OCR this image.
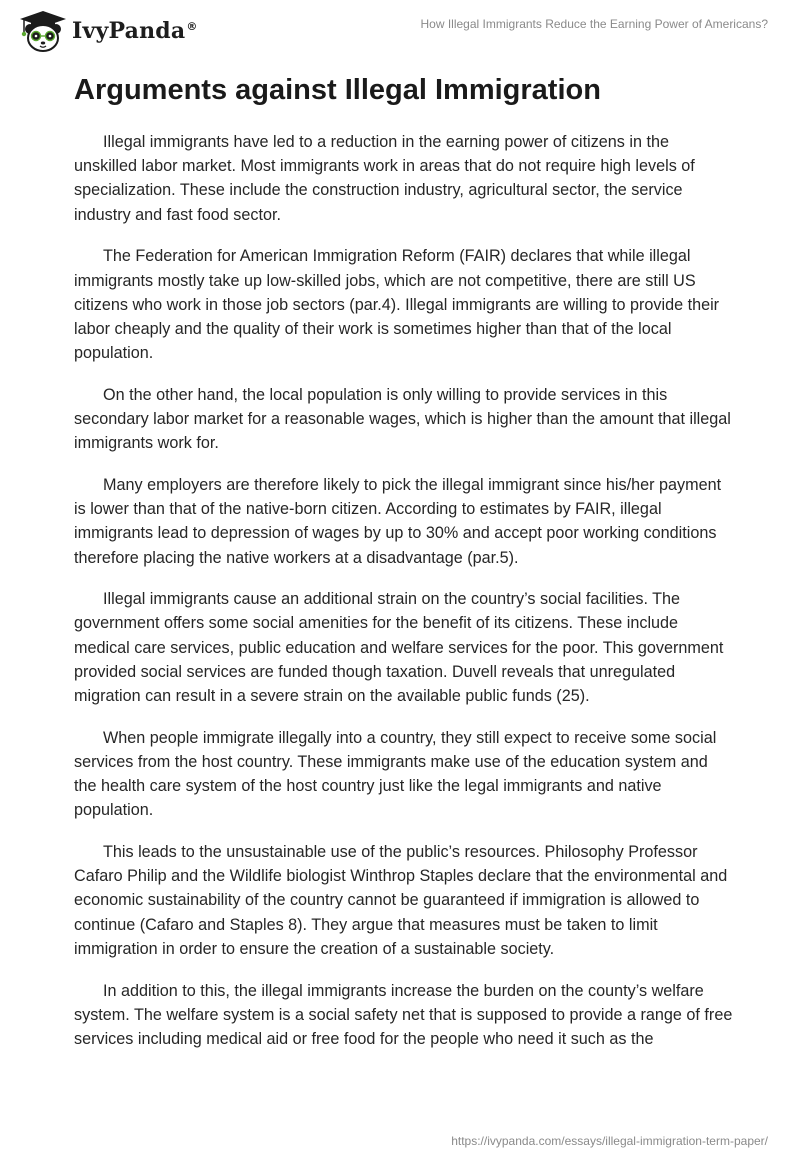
IvyPanda®	How Illegal Immigrants Reduce the Earning Power of Americans?
Arguments against Illegal Immigration

Illegal immigrants have led to a reduction in the earning power of citizens in the unskilled labor market. Most immigrants work in areas that do not require high levels of specialization. These include the construction industry, agricultural sector, the service industry and fast food sector.

The Federation for American Immigration Reform (FAIR) declares that while illegal immigrants mostly take up low-skilled jobs, which are not competitive, there are still US citizens who work in those job sectors (par.4). Illegal immigrants are willing to provide their labor cheaply and the quality of their work is sometimes higher than that of the local population.

On the other hand, the local population is only willing to provide services in this secondary labor market for a reasonable wages, which is higher than the amount that illegal immigrants work for.

Many employers are therefore likely to pick the illegal immigrant since his/her payment is lower than that of the native-born citizen. According to estimates by FAIR, illegal immigrants lead to depression of wages by up to 30% and accept poor working conditions therefore placing the native workers at a disadvantage (par.5).

Illegal immigrants cause an additional strain on the country’s social facilities. The government offers some social amenities for the benefit of its citizens. These include medical care services, public education and welfare services for the poor. This government provided social services are funded though taxation. Duvell reveals that unregulated migration can result in a severe strain on the available public funds (25).

When people immigrate illegally into a country, they still expect to receive some social services from the host country. These immigrants make use of the education system and the health care system of the host country just like the legal immigrants and native population.

This leads to the unsustainable use of the public’s resources. Philosophy Professor Cafaro Philip and the Wildlife biologist Winthrop Staples declare that the environmental and economic sustainability of the country cannot be guaranteed if immigration is allowed to continue (Cafaro and Staples 8). They argue that measures must be taken to limit immigration in order to ensure the creation of a sustainable society.

In addition to this, the illegal immigrants increase the burden on the county’s welfare system. The welfare system is a social safety net that is supposed to provide a range of free services including medical aid or free food for the people who need it such as the

https://ivypanda.com/essays/illegal-immigration-term-paper/
